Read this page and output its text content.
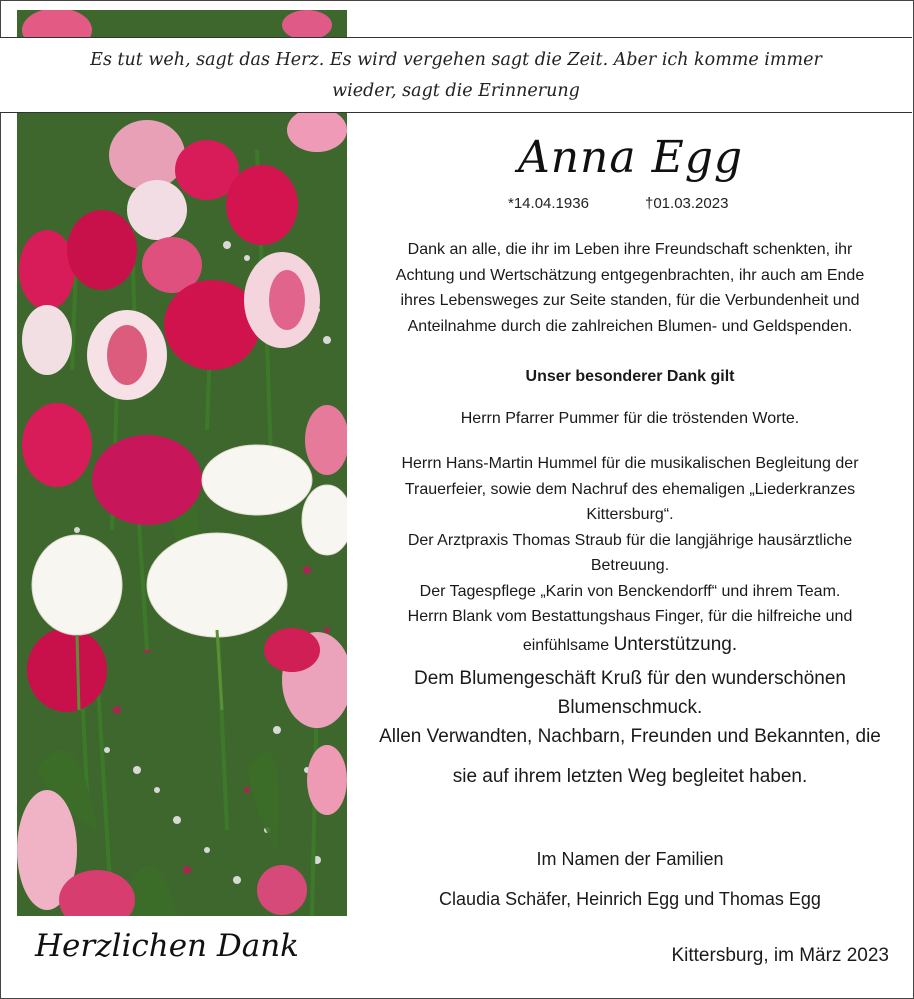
Es tut weh, sagt das Herz. Es wird vergehen sagt die Zeit. Aber ich komme immer
wieder, sagt die Erinnerung
Anna Egg
*14.04.1936	†01.03.2023
Dank an alle, die ihr im Leben ihre Freundschaft schenkten, ihr
Achtung und Wertschätzung entgegenbrachten, ihr auch am Ende
ihres Lebensweges zur Seite standen, für die Verbundenheit und
Anteilnahme durch die zahlreichen Blumen- und Geldspenden.
Unser besonderer Dank gilt
Herrn Pfarrer Pummer für die tröstenden Worte.
Herrn Hans-Martin Hummel für die musikalischen Begleitung der
Trauerfeier, sowie dem Nachruf des ehemaligen „Liederkranzes
Kittersburg“.
Der Arztpraxis Thomas Straub für die langjährige hausärztliche
Betreuung.
Der Tagespflege „Karin von Benckendorff“ und ihrem Team.
Herrn Blank vom Bestattungshaus Finger, für die hilfreiche und
einfühlsame Unterstützung.
Dem Blumengeschäft Kruß für den wunderschönen
Blumenschmuck.
Allen Verwandten, Nachbarn, Freunden und Bekannten, die
sie auf ihrem letzten Weg begleitet haben.
Im Namen der Familien
Claudia Schäfer, Heinrich Egg und Thomas Egg
Herzlichen Dank	Kittersburg, im März 2023
